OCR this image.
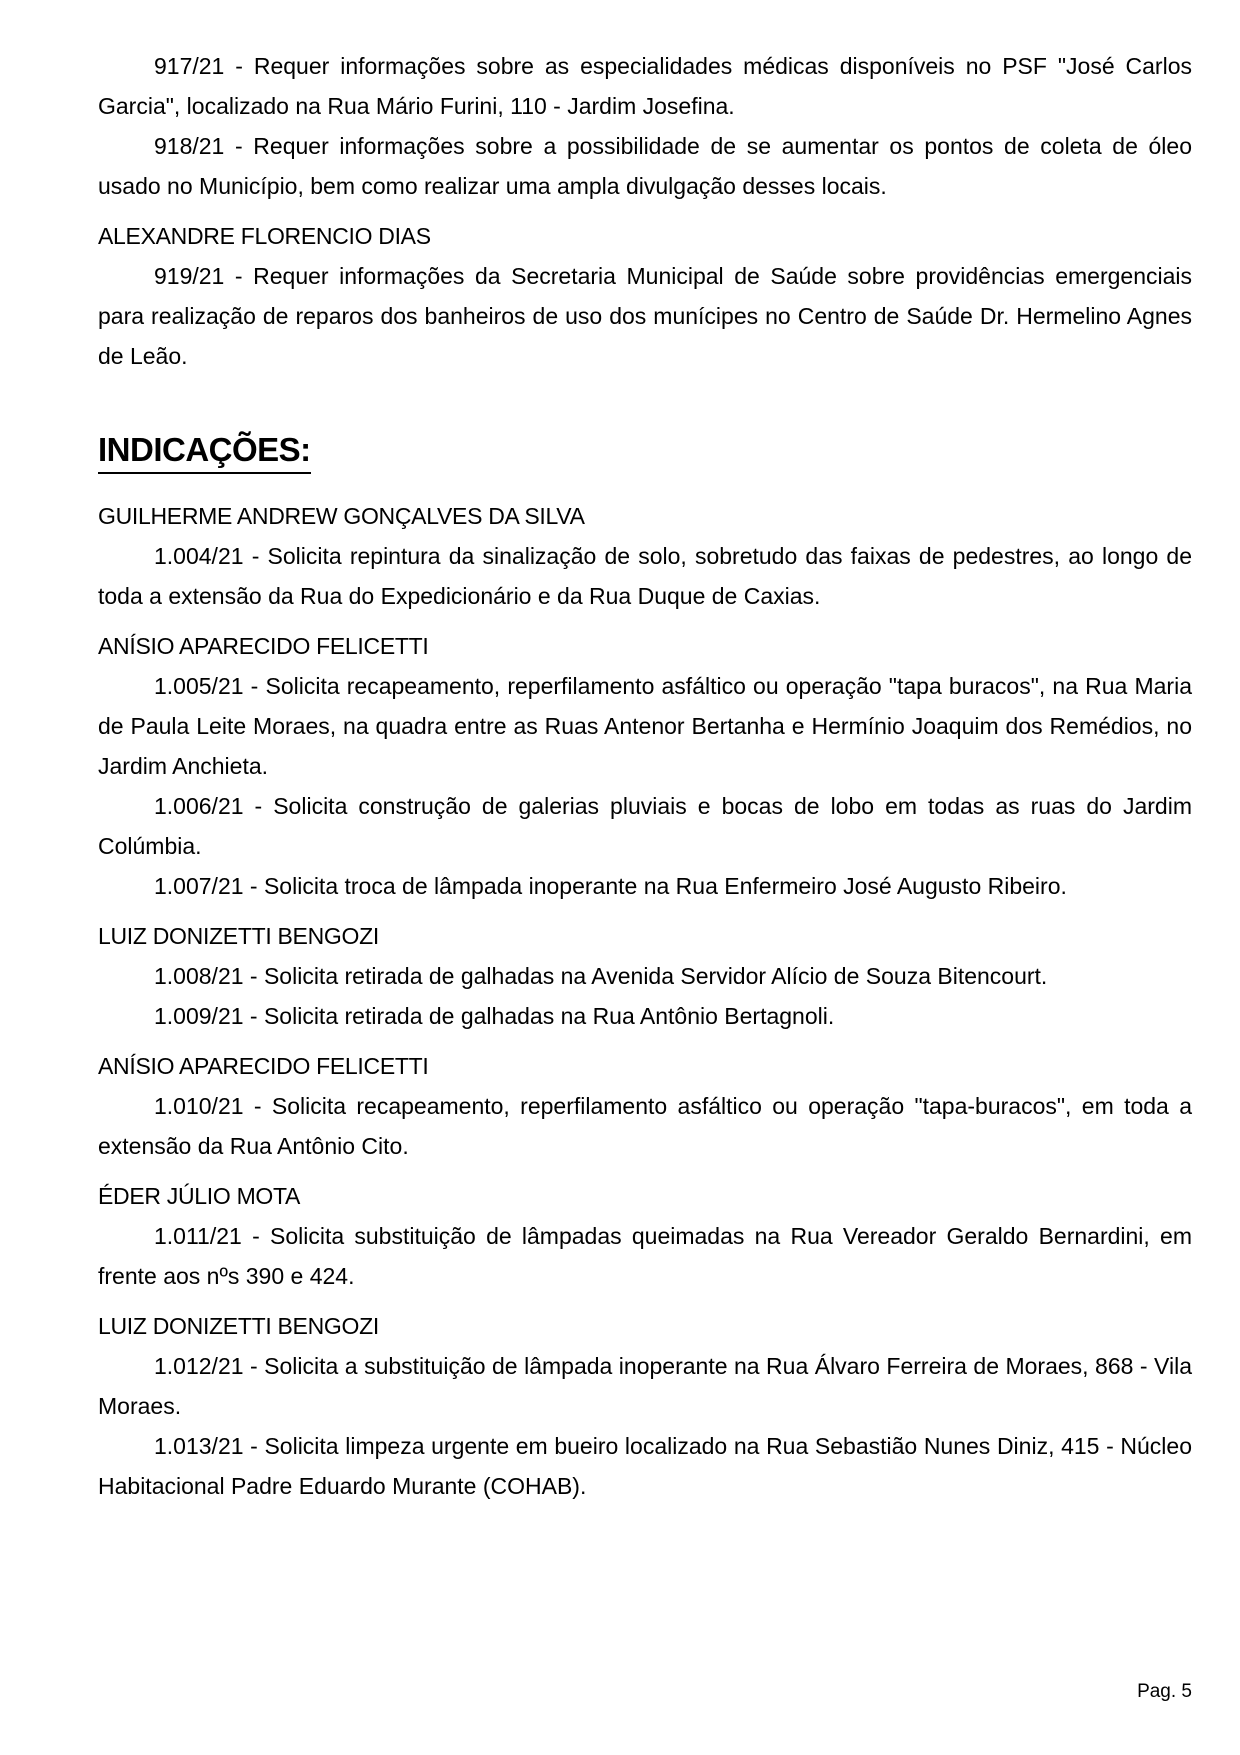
917/21 - Requer informações sobre as especialidades médicas disponíveis no PSF "José Carlos Garcia", localizado na Rua Mário Furini, 110 - Jardim Josefina.

918/21 - Requer informações sobre a possibilidade de se aumentar os pontos de coleta de óleo usado no Município, bem como realizar uma ampla divulgação desses locais.

ALEXANDRE FLORENCIO DIAS

919/21 - Requer informações da Secretaria Municipal de Saúde sobre providências emergenciais para realização de reparos dos banheiros de uso dos munícipes no Centro de Saúde Dr. Hermelino Agnes de Leão.

INDICAÇÕES:

GUILHERME ANDREW GONÇALVES DA SILVA

1.004/21 - Solicita repintura da sinalização de solo, sobretudo das faixas de pedestres, ao longo de toda a extensão da Rua do Expedicionário e da Rua Duque de Caxias.

ANÍSIO APARECIDO FELICETTI

1.005/21 - Solicita recapeamento, reperfilamento asfáltico ou operação "tapa buracos", na Rua Maria de Paula Leite Moraes, na quadra entre as Ruas Antenor Bertanha e Hermínio Joaquim dos Remédios, no Jardim Anchieta.

1.006/21 - Solicita construção de galerias pluviais e bocas de lobo em todas as ruas do Jardim Colúmbia.

1.007/21 - Solicita troca de lâmpada inoperante na Rua Enfermeiro José Augusto Ribeiro.

LUIZ DONIZETTI BENGOZI

1.008/21 - Solicita retirada de galhadas na Avenida Servidor Alício de Souza Bitencourt.

1.009/21 - Solicita retirada de galhadas na Rua Antônio Bertagnoli.

ANÍSIO APARECIDO FELICETTI

1.010/21 - Solicita recapeamento, reperfilamento asfáltico ou operação "tapa-buracos", em toda a extensão da Rua Antônio Cito.

ÉDER JÚLIO MOTA

1.011/21 - Solicita substituição de lâmpadas queimadas na Rua Vereador Geraldo Bernardini, em frente aos nºs 390 e 424.

LUIZ DONIZETTI BENGOZI

1.012/21 - Solicita a substituição de lâmpada inoperante na Rua Álvaro Ferreira de Moraes, 868 - Vila Moraes.

1.013/21 - Solicita limpeza urgente em bueiro localizado na Rua Sebastião Nunes Diniz, 415 - Núcleo Habitacional Padre Eduardo Murante (COHAB).

Pag. 5
